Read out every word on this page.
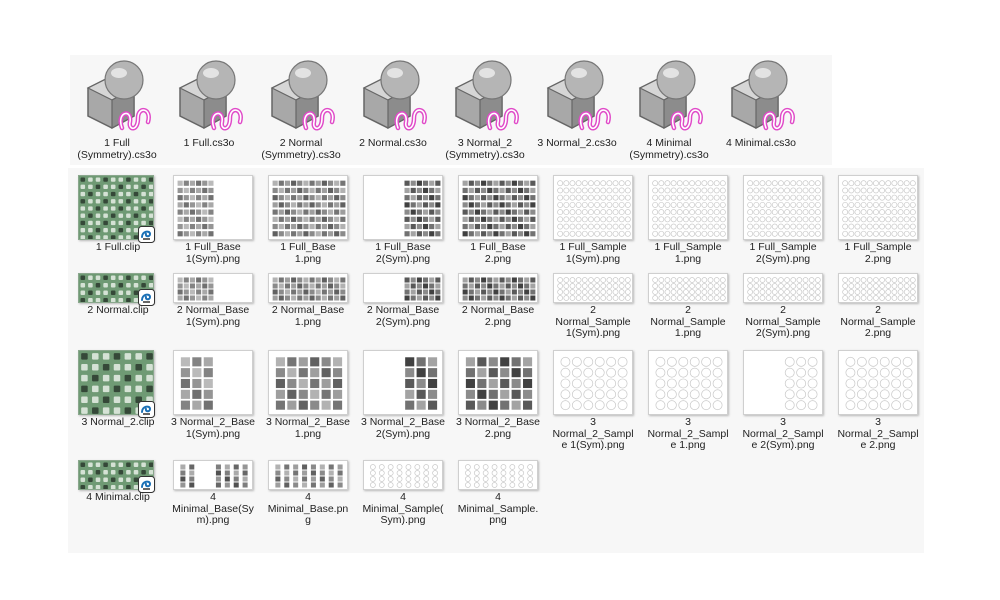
1 Full
(Symmetry).cs3o
1 Full.cs3o	2 Normal
(Symmetry).cs3o
2 Normal.cs3o	3 Normal_2
(Symmetry).cs3o
3 Normal_2.cs3o	4 Minimal
(Symmetry).cs3o
4 Minimal.cs3o
1 Full.clip	1 Full_Base
1(Sym).png
1 Full_Base
1.png
1 Full_Base
2(Sym).png
1 Full_Base
2.png
1 Full_Sample
1(Sym).png
1 Full_Sample
1.png
1 Full_Sample
2(Sym).png
1 Full_Sample
2.png
2 Normal.clip	2 Normal_Base
1(Sym).png
2 Normal_Base
1.png
2 Normal_Base
2(Sym).png
2 Normal_Base
2.png
2
Normal_Sample
1(Sym).png
2
Normal_Sample
1.png
2
Normal_Sample
2(Sym).png
2
Normal_Sample
2.png
3 Normal_2.clip	3 Normal_2_Base
1(Sym).png
3 Normal_2_Base
1.png
3 Normal_2_Base
2(Sym).png
3 Normal_2_Base
2.png
3
Normal_2_Sampl
e 1(Sym).png
3
Normal_2_Sampl
e 1.png
3
Normal_2_Sampl
e 2(Sym).png
3
Normal_2_Sampl
e 2.png
4 Minimal.clip	4
Minimal_Base(Sy
m).png
4
Minimal_Base.pn
g
4
Minimal_Sample(
Sym).png
4
Minimal_Sample.
png
